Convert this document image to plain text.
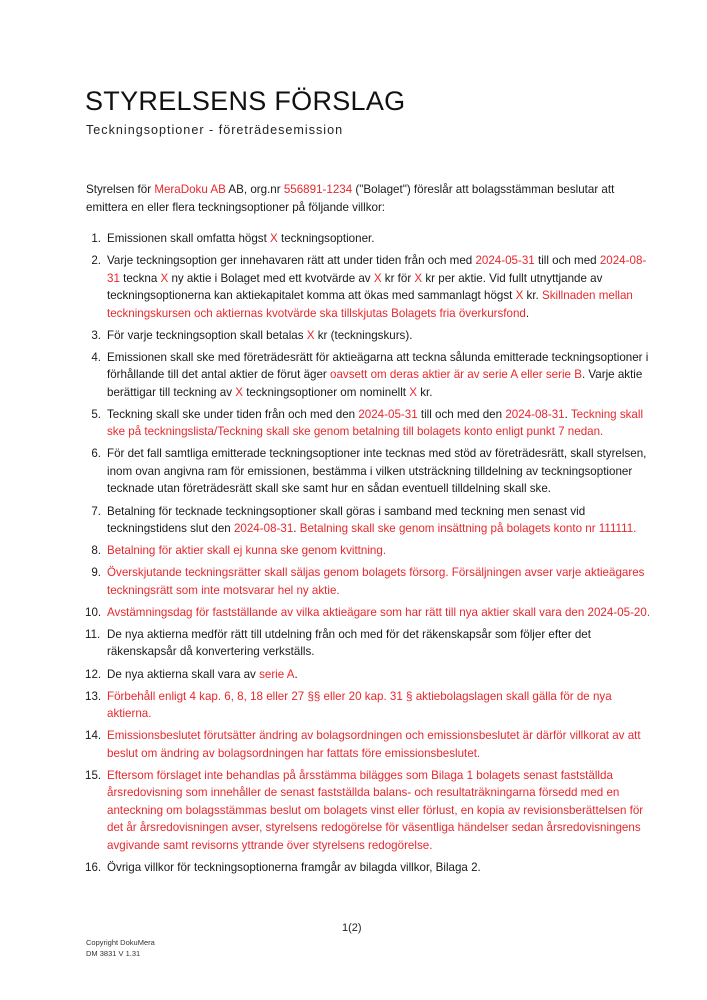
STYRELSENS FÖRSLAG
Teckningsoptioner - företrädesemission

Styrelsen för MeraDoku AB AB, org.nr 556891-1234 ("Bolaget") föreslår att bolagsstämman beslutar att emittera en eller flera teckningsoptioner på följande villkor:

1. Emissionen skall omfatta högst X teckningsoptioner.
2. Varje teckningsoption ger innehavaren rätt att under tiden från och med 2024-05-31 till och med 2024-08-31 teckna X ny aktie i Bolaget med ett kvotvärde av X kr för X kr per aktie. Vid fullt utnyttjande av teckningsoptionerna kan aktiekapitalet komma att ökas med sammanlagt högst X kr. Skillnaden mellan teckningskursen och aktiernas kvotvärde ska tillskjutas Bolagets fria överkursfond.
3. För varje teckningsoption skall betalas X kr (teckningskurs).
4. Emissionen skall ske med företrädesrätt för aktieägarna att teckna sålunda emitterade teckningsoptioner i förhållande till det antal aktier de förut äger oavsett om deras aktier är av serie A eller serie B. Varje aktie berättigar till teckning av X teckningsoptioner om nominellt X kr.
5. Teckning skall ske under tiden från och med den 2024-05-31 till och med den 2024-08-31. Teckning skall ske på teckningslista/Teckning skall ske genom betalning till bolagets konto enligt punkt 7 nedan.
6. För det fall samtliga emitterade teckningsoptioner inte tecknas med stöd av företrädesrätt, skall styrelsen, inom ovan angivna ram för emissionen, bestämma i vilken utsträckning tilldelning av teckningsoptioner tecknade utan företrädesrätt skall ske samt hur en sådan eventuell tilldelning skall ske.
7. Betalning för tecknade teckningsoptioner skall göras i samband med teckning men senast vid teckningstidens slut den 2024-08-31. Betalning skall ske genom insättning på bolagets konto nr 111111.
8. Betalning för aktier skall ej kunna ske genom kvittning.
9. Överskjutande teckningsrätter skall säljas genom bolagets försorg. Försäljningen avser varje aktieägares teckningsrätt som inte motsvarar hel ny aktie.
10. Avstämningsdag för fastställande av vilka aktieägare som har rätt till nya aktier skall vara den 2024-05-20.
11. De nya aktierna medför rätt till utdelning från och med för det räkenskapsår som följer efter det räkenskapsår då konvertering verkställs.
12. De nya aktierna skall vara av serie A.
13. Förbehåll enligt 4 kap. 6, 8, 18 eller 27 §§ eller 20 kap. 31 § aktiebolagslagen skall gälla för de nya aktierna.
14. Emissionsbeslutet förutsätter ändring av bolagsordningen och emissionsbeslutet är därför villkorat av att beslut om ändring av bolagsordningen har fattats före emissionsbeslutet.
15. Eftersom förslaget inte behandlas på årsstämma bilägges som Bilaga 1 bolagets senast fastställda årsredovisning som innehåller de senast fastställda balans- och resultaträkningarna försedd med en anteckning om bolagsstämmas beslut om bolagets vinst eller förlust, en kopia av revisionsberättelsen för det år årsredovisningen avser, styrelsens redogörelse för väsentliga händelser sedan årsredovisningens avgivande samt revisorns yttrande över styrelsens redogörelse.
16. Övriga villkor för teckningsoptionerna framgår av bilagda villkor, Bilaga 2.
1(2)
Copyright DokuMera
DM 3831 V 1.31
